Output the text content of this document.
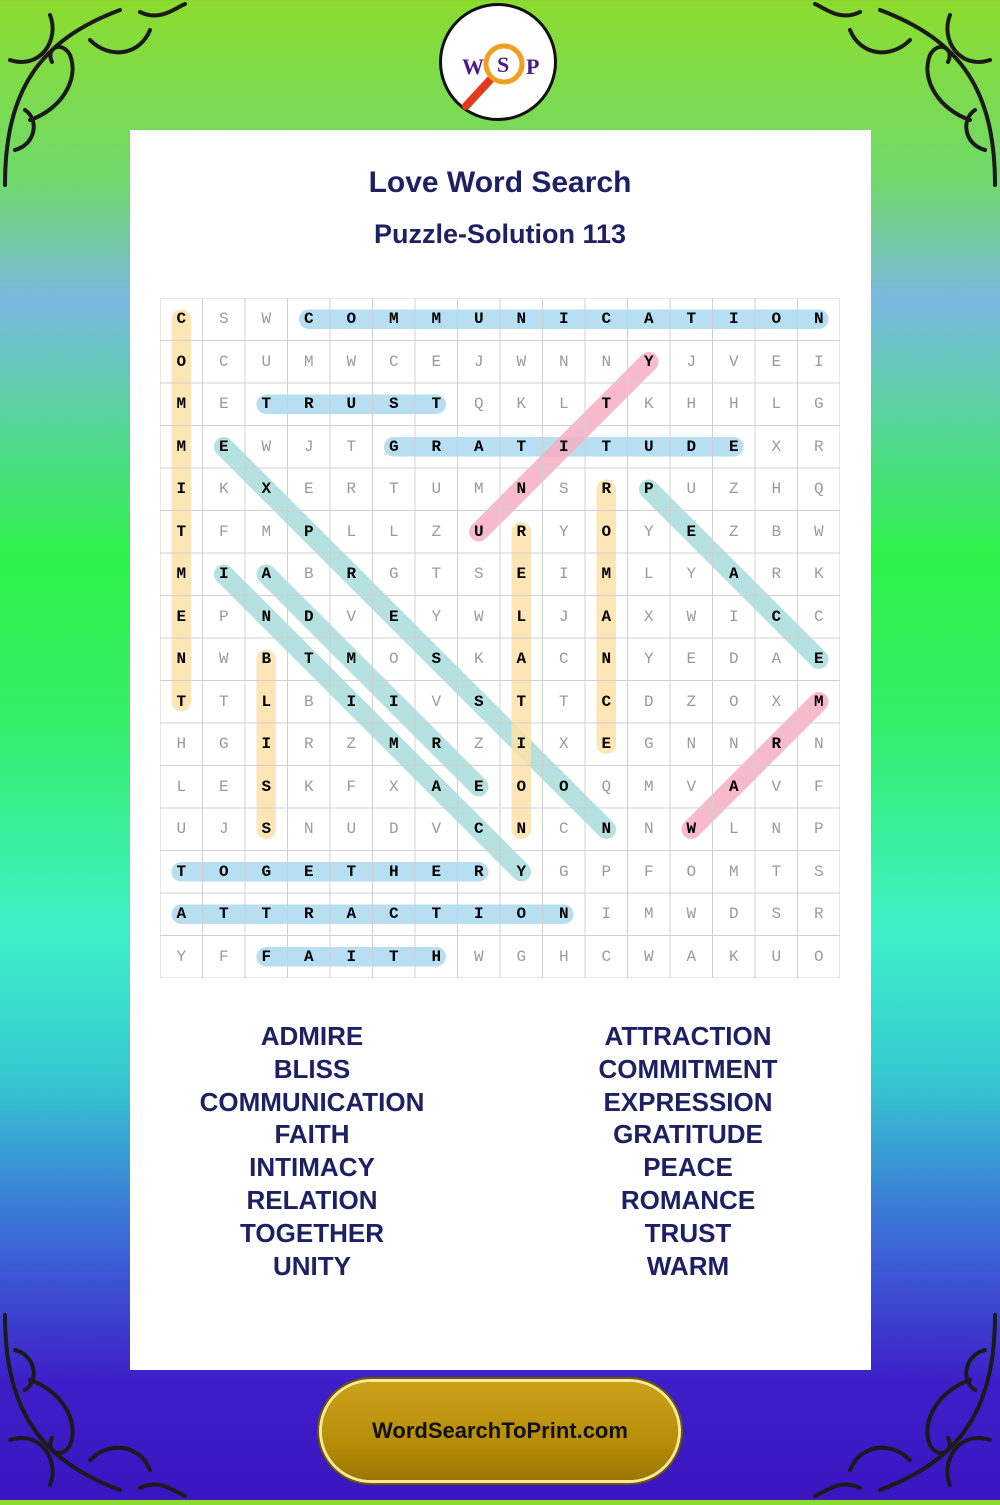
W S P
Love Word Search
Puzzle-Solution 113
C	S	W	C	O	M	M	U	N	I	C	A	T	I	O	N
O	C	U	M	W	C	E	J	W	N	N	Y	J	V	E	I
M	E	T	R	U	S	T	Q	K	L	T	K	H	H	L	G
M	E	W	J	T	G	R	A	T	I	T	U	D	E	X	R
I	K	X	E	R	T	U	M	N	S	R	P	U	Z	H	Q
T	F	M	P	L	L	Z	U	R	Y	O	Y	E	Z	B	W
M	I	A	B	R	G	T	S	E	I	M	L	Y	A	R	K
E	P	N	D	V	E	Y	W	L	J	A	X	W	I	C	C
N	W	B	T	M	O	S	K	A	C	N	Y	E	D	A	E
T	T	L	B	I	I	V	S	T	T	C	D	Z	O	X	M
H	G	I	R	Z	M	R	Z	I	X	E	G	N	N	R	N
L	E	S	K	F	X	A	E	O	O	Q	M	V	A	V	F
U	J	S	N	U	D	V	C	N	C	N	N	W	L	N	P
T	O	G	E	T	H	E	R	Y	G	P	F	O	M	T	S
A	T	T	R	A	C	T	I	O	N	I	M	W	D	S	R
Y	F	F	A	I	T	H	W	G	H	C	W	A	K	U	O
ADMIRE
BLISS
COMMUNICATION
FAITH
INTIMACY
RELATION
TOGETHER
UNITY
ATTRACTION
COMMITMENT
EXPRESSION
GRATITUDE
PEACE
ROMANCE
TRUST
WARM
WordSearchToPrint.com
